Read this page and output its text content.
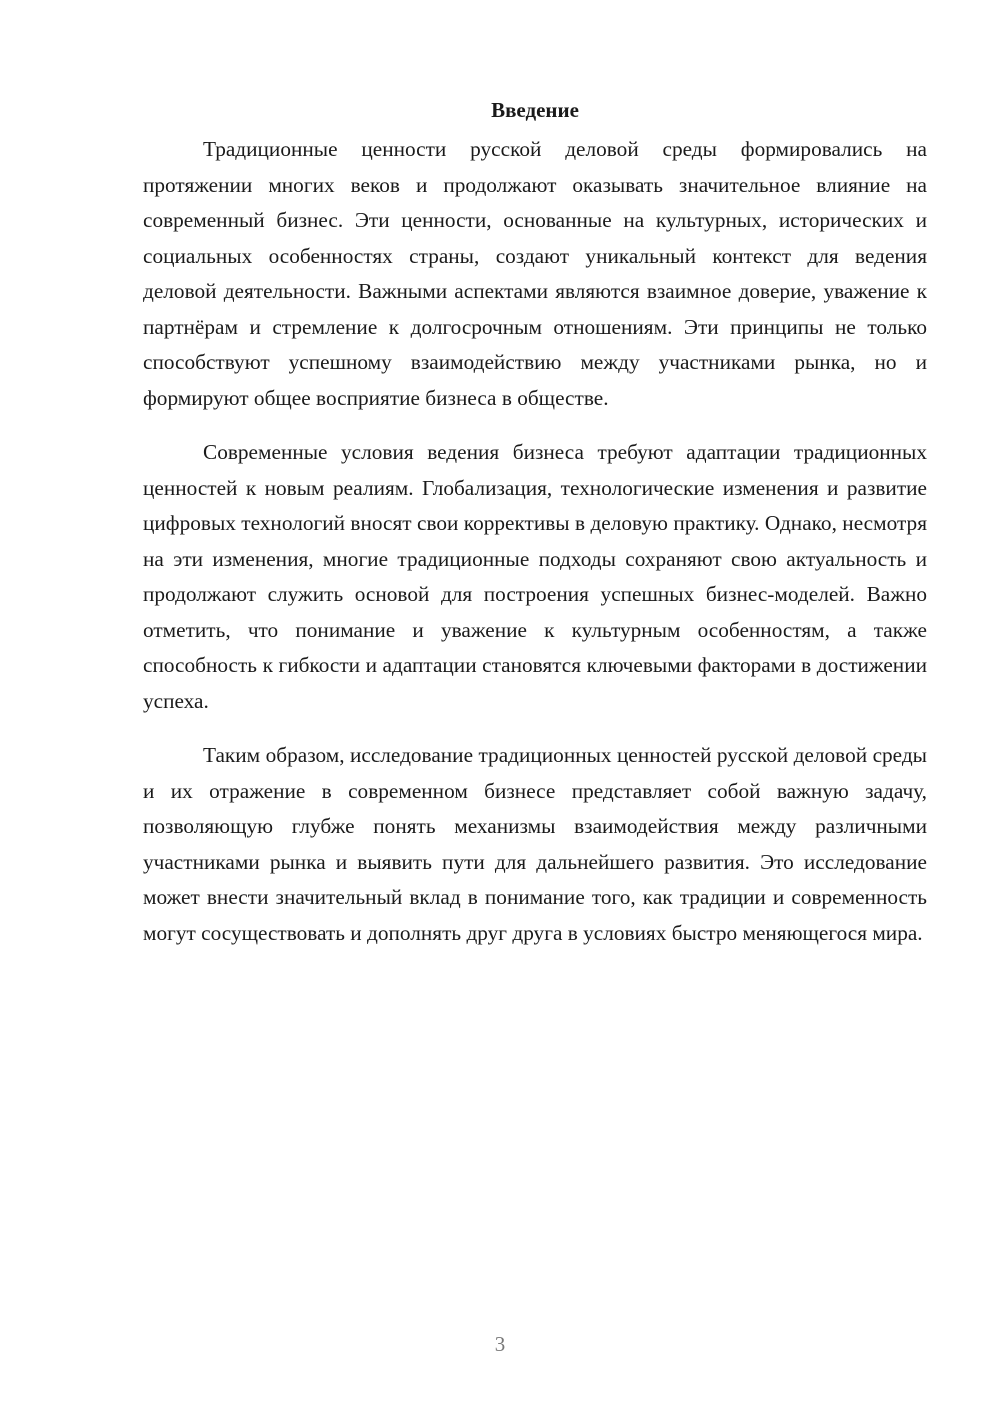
Введение

Традиционные ценности русской деловой среды формировались на протяжении многих веков и продолжают оказывать значительное влияние на современный бизнес. Эти ценности, основанные на культурных, исторических и социальных особенностях страны, создают уникальный контекст для ведения деловой деятельности. Важными аспектами являются взаимное доверие, уважение к партнёрам и стремление к долгосрочным отношениям. Эти принципы не только способствуют успешному взаимодействию между участниками рынка, но и формируют общее восприятие бизнеса в обществе.

Современные условия ведения бизнеса требуют адаптации традиционных ценностей к новым реалиям. Глобализация, технологические изменения и развитие цифровых технологий вносят свои коррективы в деловую практику. Однако, несмотря на эти изменения, многие традиционные подходы сохраняют свою актуальность и продолжают служить основой для построения успешных бизнес-моделей. Важно отметить, что понимание и уважение к культурным особенностям, а также способность к гибкости и адаптации становятся ключевыми факторами в достижении успеха.

Таким образом, исследование традиционных ценностей русской деловой среды и их отражение в современном бизнесе представляет собой важную задачу, позволяющую глубже понять механизмы взаимодействия между различными участниками рынка и выявить пути для дальнейшего развития. Это исследование может внести значительный вклад в понимание того, как традиции и современность могут сосуществовать и дополнять друг друга в условиях быстро меняющегося мира.

3
